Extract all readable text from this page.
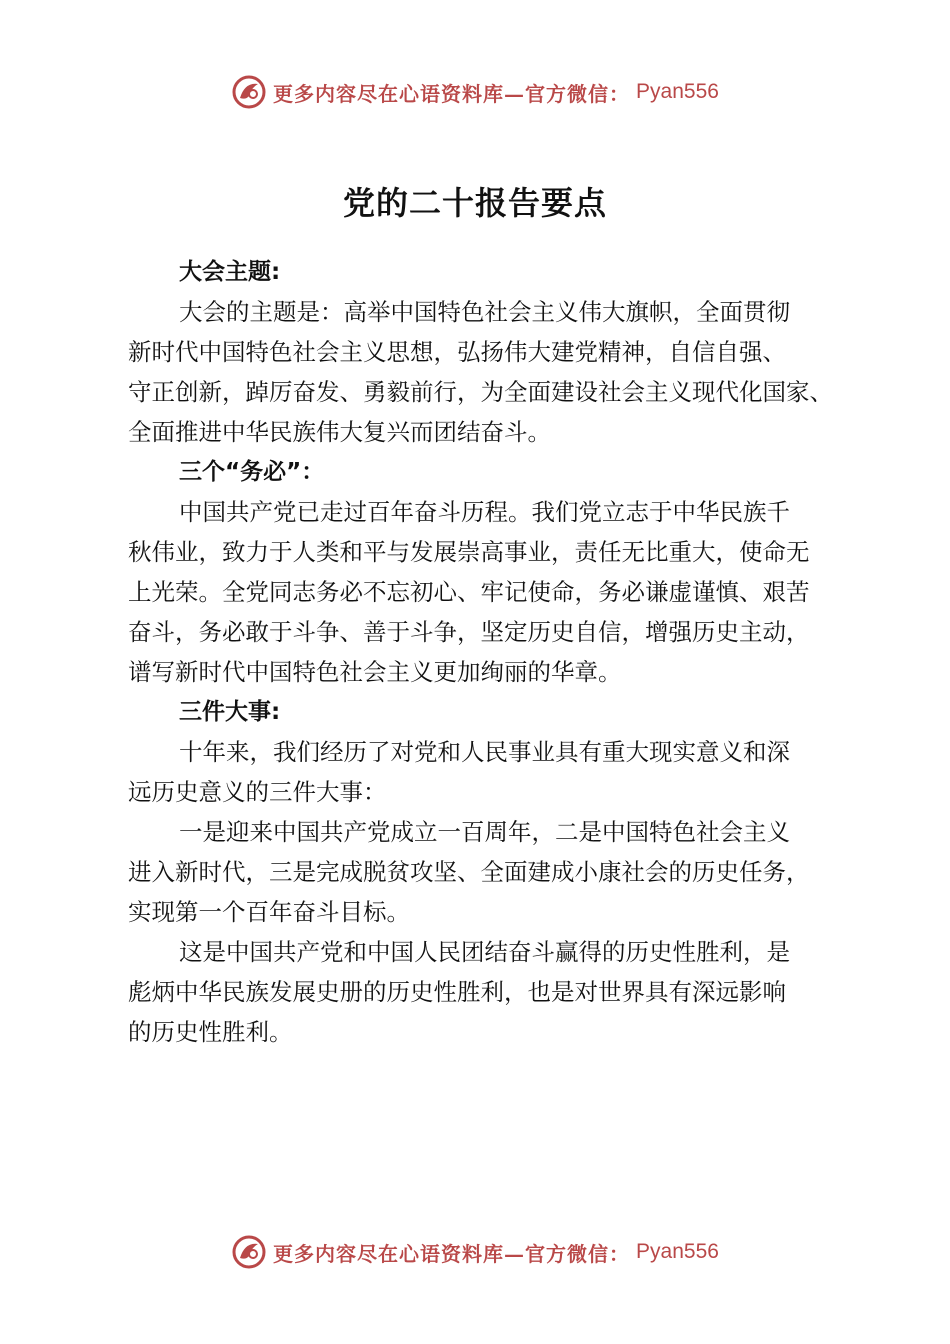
更多内容尽在心语资料库—官方微信： Pyan556
党的二十报告要点

大会主题:

大会的主题是：高举中国特色社会主义伟大旗帜，全面贯彻

新时代中国特色社会主义思想，弘扬伟大建党精神，自信自强、

守正创新，踔厉奋发、勇毅前行，为全面建设社会主义现代化国家、

全面推进中华民族伟大复兴而团结奋斗。

三个“务必”：

中国共产党已走过百年奋斗历程。我们党立志于中华民族千

秋伟业，致力于人类和平与发展崇高事业，责任无比重大，使命无

上光荣。全党同志务必不忘初心、牢记使命，务必谦虚谨慎、艰苦

奋斗，务必敢于斗争、善于斗争，坚定历史自信，增强历史主动，

谱写新时代中国特色社会主义更加绚丽的华章。

三件大事:

十年来，我们经历了对党和人民事业具有重大现实意义和深

远历史意义的三件大事：

一是迎来中国共产党成立一百周年，二是中国特色社会主义

进入新时代，三是完成脱贫攻坚、全面建成小康社会的历史任务，

实现第一个百年奋斗目标。

这是中国共产党和中国人民团结奋斗赢得的历史性胜利，是

彪炳中华民族发展史册的历史性胜利，也是对世界具有深远影响

的历史性胜利。

更多内容尽在心语资料库—官方微信： Pyan556
